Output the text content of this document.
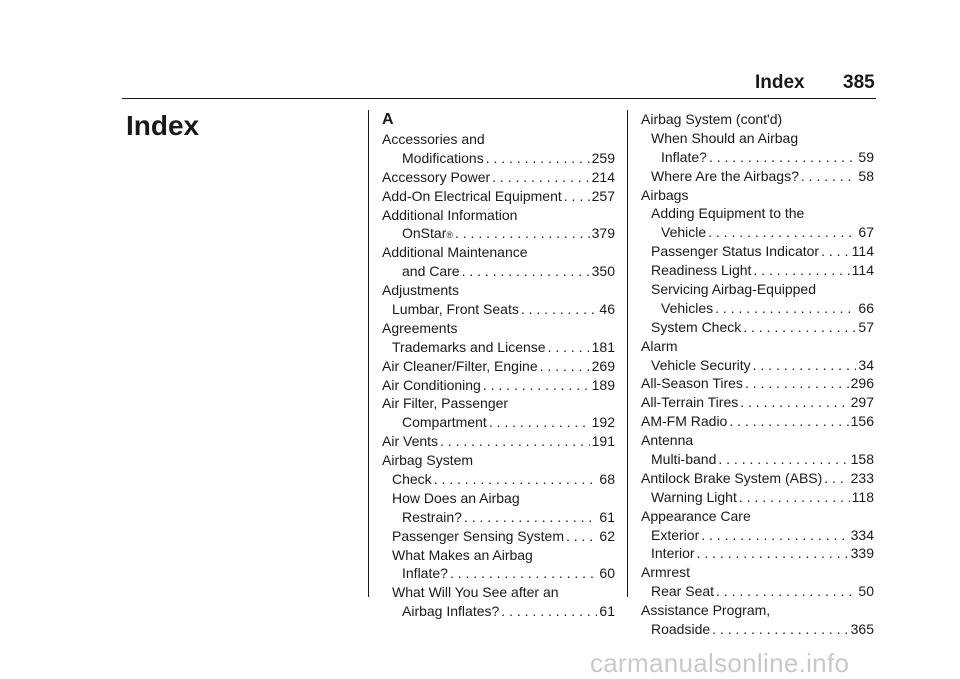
Index 385
Index	A
Accessories and
Modifications . . .	259
Accessory Power . . .	214
Add-On Electrical Equipment . . . 257
Additional Information
OnStar ® . . .	379
Additional Maintenance
and Care . . .	350
Adjustments
Lumbar, Front Seats . . .	46
Agreements
Trademarks and License . . .	181
Air Cleaner/Filter, Engine . . .	269
Air Conditioning . . .	189
Air Filter, Passenger
Compartment . . .	192
Air Vents . . .	191
Airbag System
Check . . .	68
How Does an Airbag
Restrain? . . .	61
Passenger Sensing System . . .	62
What Makes an Airbag
Inflate? . . .	60
What Will You See after an
Airbag Inflates? . . .	61
Airbag System (cont'd)
When Should an Airbag
Inflate? . . .	59
Where Are the Airbags? . . .	58
Airbags
Adding Equipment to the
Vehicle . . .	67
Passenger Status Indicator . . . 114
Readiness Light . . .	114
Servicing Airbag-Equipped
Vehicles . . .	66
System Check . . .	57
Alarm
Vehicle Security . . .	34
All-Season Tires . . .	296
All-Terrain Tires . . .	297
AM-FM Radio . . .	156
Antenna
Multi-band . . .	158
Antilock Brake System (ABS) . . . 233
Warning Light . . .	118
Appearance Care
Exterior . . .	334
Interior . . .	339
Armrest
Rear Seat . . .	50
Assistance Program,
Roadside . . .	365
carmanualsonline.info
